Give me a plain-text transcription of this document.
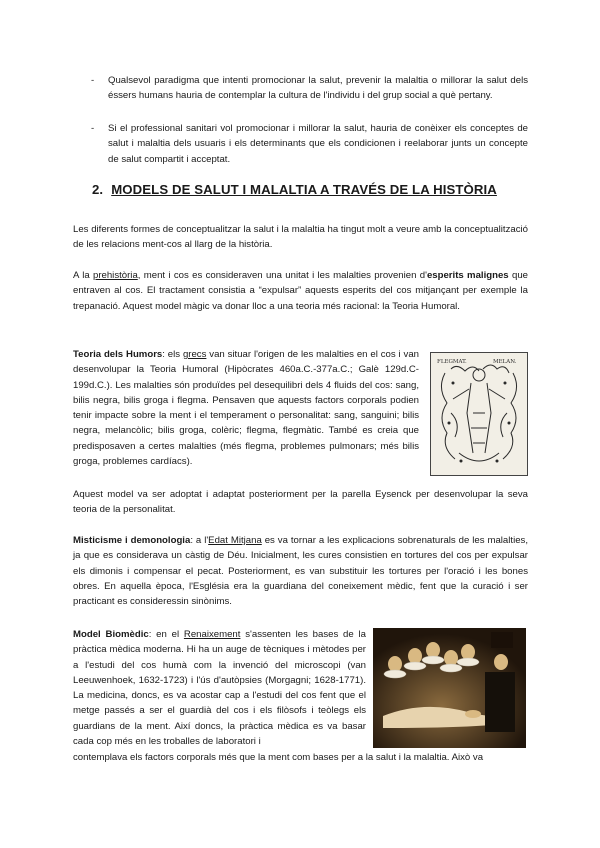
- Qualsevol paradigma que intenti promocionar la salut, prevenir la malaltia o millorar la salut dels éssers humans hauria de contemplar la cultura de l'individu i del grup social a què pertany.

- Si el professional sanitari vol promocionar i millorar la salut, hauria de conèixer els conceptes de salut i malaltia dels usuaris i els determinants que els condicionen i reelaborar junts un concepte de salut compartit i acceptat.

2. MODELS DE SALUT I MALALTIA A TRAVÉS DE LA HISTÒRIA

Les diferents formes de conceptualitzar la salut i la malaltia ha tingut molt a veure amb la conceptualització de les relacions ment-cos al llarg de la història.

A la prehistòria, ment i cos es consideraven una unitat i les malalties provenien d'esperits malignes que entraven al cos. El tractament consistia a “expulsar” aquests esperits del cos mitjançant per exemple la trepanació. Aquest model màgic va donar lloc a una teoria més racional: la Teoria Humoral.

Teoria dels Humors: els grecs van situar l'origen de les malalties en el cos i van desenvolupar la Teoria Humoral (Hipòcrates 460a.C.-377a.C.; Galè 129d.C-199d.C.). Les malalties són produïdes pel desequilibri dels 4 fluids del cos: sang, bilis negra, bilis groga i flegma. Pensaven que aquests factors corporals podien tenir impacte sobre la ment i el temperament o personalitat: sang, sanguini; bilis negra, melancòlic; bilis groga, colèric; flegma, flegmàtic. També es creia que predisposaven a certes malalties (més flegma, problemes pulmonars; més bilis groga, problemes cardíacs).

FLEGMAT.	MELAN.

Aquest model va ser adoptat i adaptat posteriorment per la parella Eysenck per desenvolupar la seva teoria de la personalitat.

Misticisme i demonologia: a l'Edat Mitjana es va tornar a les explicacions sobrenaturals de les malalties, ja que es considerava un càstig de Déu. Inicialment, les cures consistien en tortures del cos per expulsar els dimonis i compensar el pecat. Posteriorment, es van substituir les tortures per l'oració i les bones obres. En aquella època, l'Església era la guardiana del coneixement mèdic, fent que la curació i ser practicant es consideressin sinònims.

Model Biomèdic: en el Renaixement s'assenten les bases de la pràctica mèdica moderna. Hi ha un auge de tècniques i mètodes per a l'estudi del cos humà com la invenció del microscopi (van Leeuwenhoek, 1632-1723) i l'ús d'autòpsies (Morgagni; 1628-1771). La medicina, doncs, es va acostar cap a l'estudi del cos fent que el metge passés a ser el guardià del cos i els filòsofs i teòlegs els guardians de la ment. Així doncs, la pràctica mèdica es va basar cada cop més en les troballes de laboratori i

contemplava els factors corporals més que la ment com bases per a la salut i la malaltia. Això va
